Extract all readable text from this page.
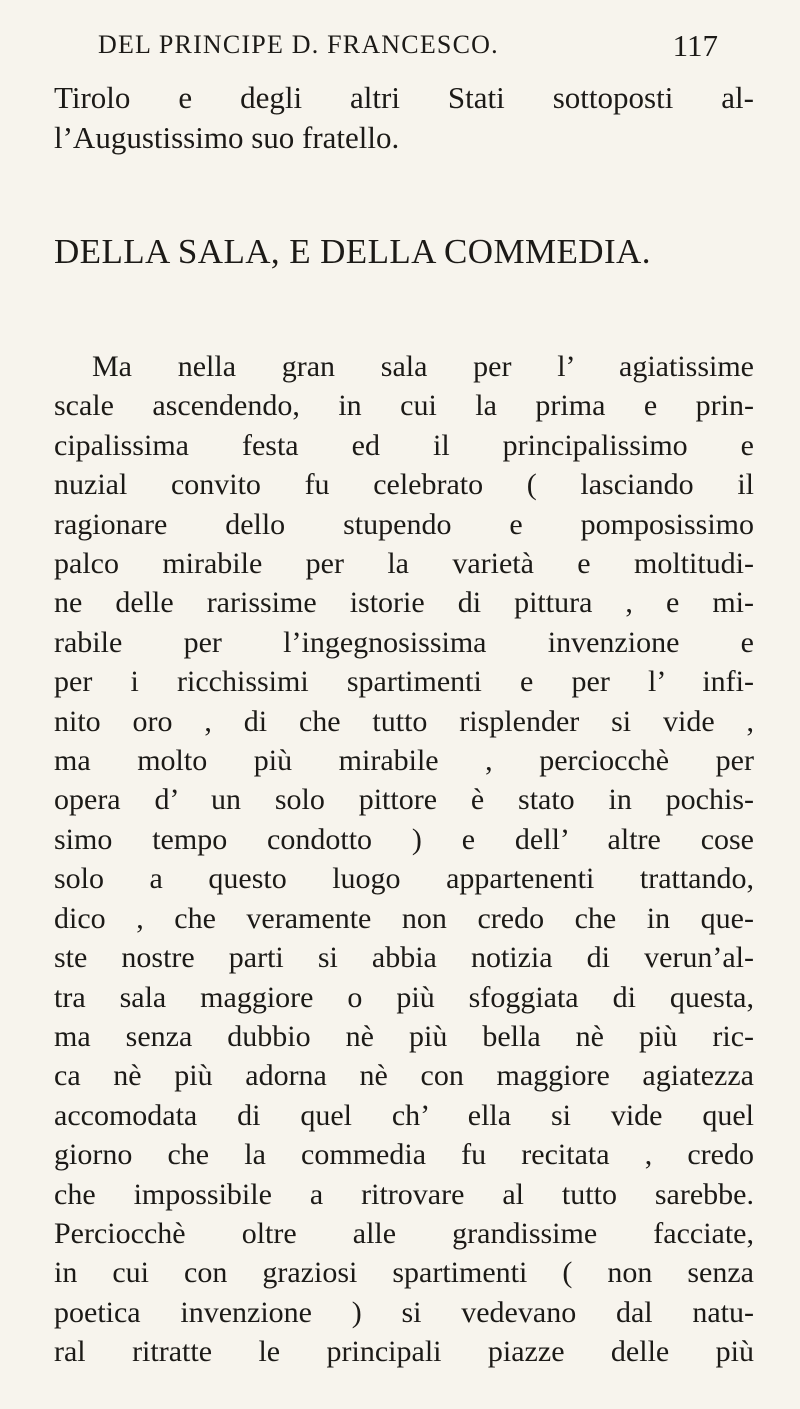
DEL PRINCIPE D. FRANCESCO.	117
Tirolo e degli altri Stati sottoposti al-
l’Augustissimo suo fratello.
DELLA SALA, E DELLA COMMEDIA.
Ma nella gran sala per l’ agiatissime
scale ascendendo, in cui la prima e prin-
cipalissima festa ed il principalissimo e
nuzial convito fu celebrato ( lasciando il
ragionare dello stupendo e pomposissimo
palco mirabile per la varietà e moltitudi-
ne delle rarissime istorie di pittura , e mi-
rabile per l’ingegnosissima invenzione e
per i ricchissimi spartimenti e per l’ infi-
nito oro , di che tutto risplender si vide ,
ma molto più mirabile , perciocchè per
opera d’ un solo pittore è stato in pochis-
simo tempo condotto ) e dell’ altre cose
solo a questo luogo appartenenti trattando,
dico , che veramente non credo che in que-
ste nostre parti si abbia notizia di verun’al-
tra sala maggiore o più sfoggiata di questa,
ma senza dubbio nè più bella nè più ric-
ca nè più adorna nè con maggiore agiatezza
accomodata di quel ch’ ella si vide quel
giorno che la commedia fu recitata , credo
che impossibile a ritrovare al tutto sarebbe.
Perciocchè oltre alle grandissime facciate,
in cui con graziosi spartimenti ( non senza
poetica invenzione ) si vedevano dal natu-
ral ritratte le principali piazze delle più
